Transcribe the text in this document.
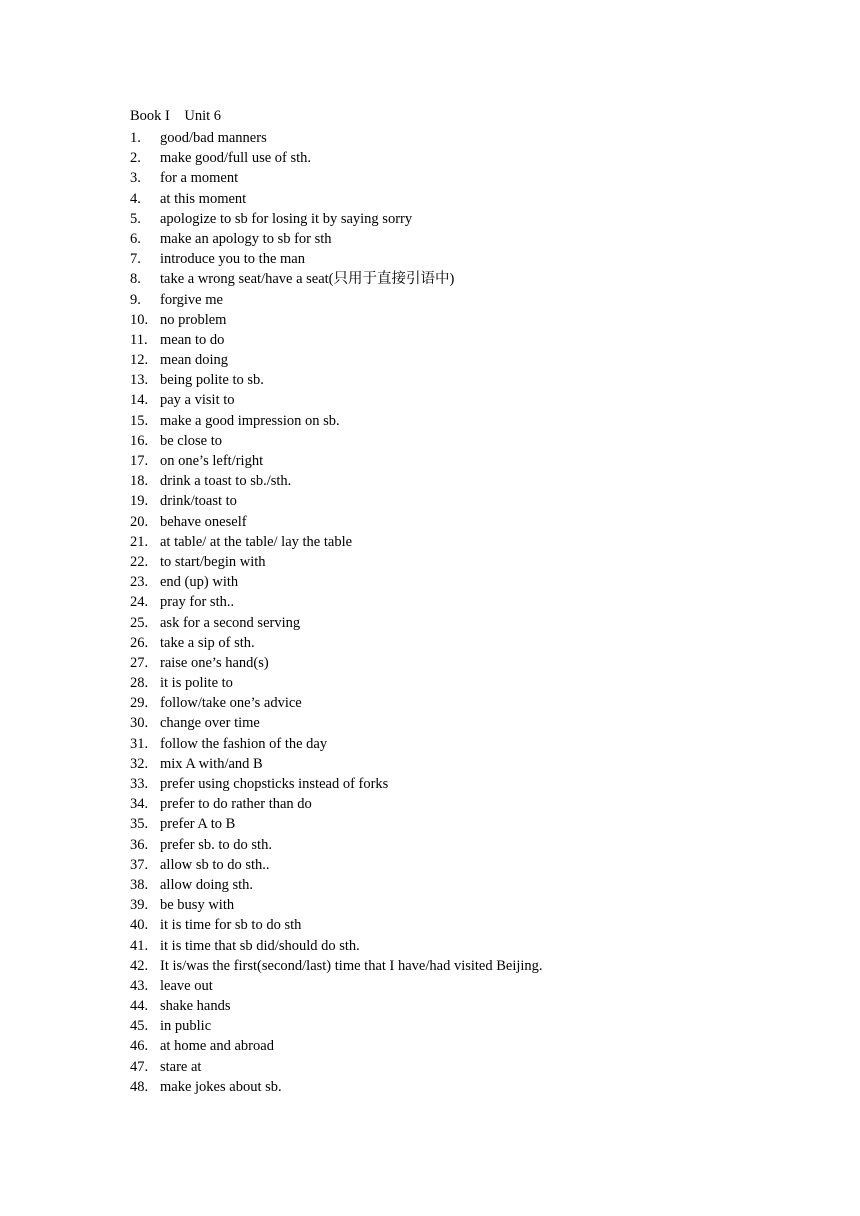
Book I    Unit 6
1.	good/bad manners
2.	make good/full use of sth.
3.	for a moment
4.	at this moment
5.	apologize to sb for losing it by saying sorry
6.	make an apology to sb for sth
7.	introduce you to the man
8.	take a wrong seat/have a seat(只用于直接引语中)
9.	forgive me
10. no problem
11. mean to do
12. mean doing
13. being polite to sb.
14. pay a visit to
15. make a good impression on sb.
16. be close to
17. on one’s left/right
18. drink a toast to sb./sth.
19. drink/toast to
20. behave oneself
21. at table/ at the table/ lay the table
22. to start/begin with
23. end (up) with
24. pray for sth..
25. ask for a second serving
26. take a sip of sth.
27. raise one’s hand(s)
28. it is polite to
29. follow/take one’s advice
30. change over time
31. follow the fashion of the day
32. mix A with/and B
33. prefer using chopsticks instead of forks
34. prefer to do rather than do
35. prefer A to B
36. prefer sb. to do sth.
37. allow sb to do sth..
38. allow doing sth.
39. be busy with
40. it is time for sb to do sth
41. it is time that sb did/should do sth.
42. It is/was the first(second/last) time that I have/had visited Beijing.
43. leave out
44. shake hands
45. in public
46. at home and abroad
47. stare at
48. make jokes about sb.
